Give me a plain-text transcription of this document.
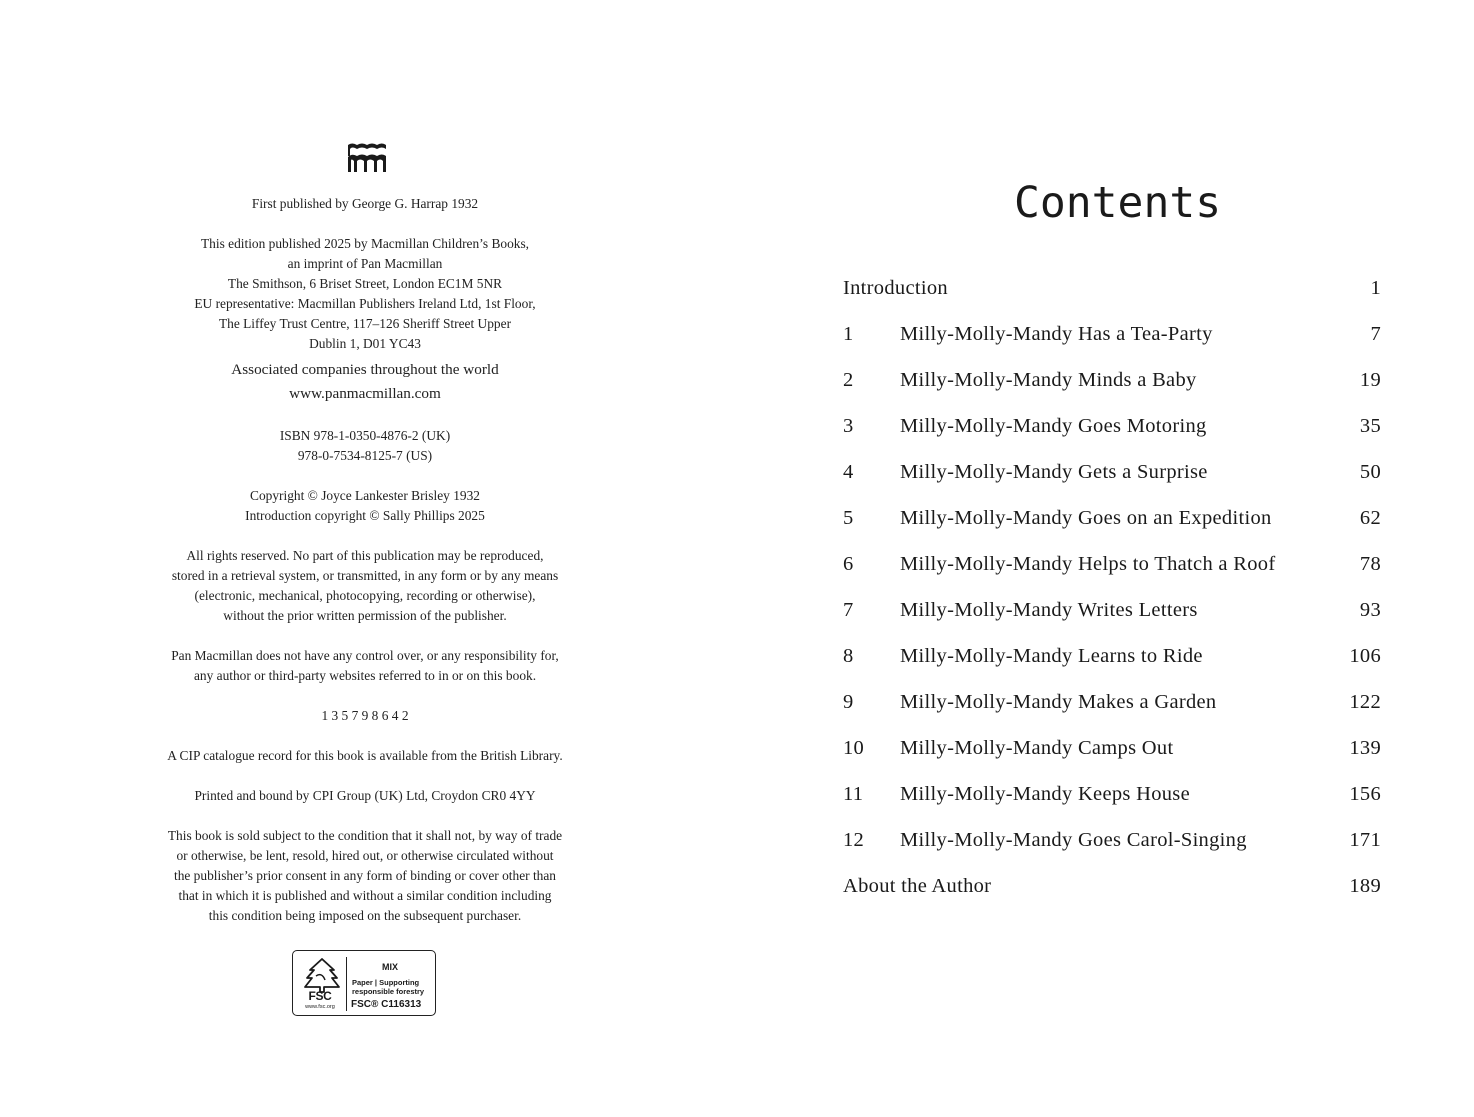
First published by George G. Harrap 1932
This edition published 2025 by Macmillan Children’s Books,
an imprint of Pan Macmillan
The Smithson, 6 Briset Street, London EC1M 5NR
EU representative: Macmillan Publishers Ireland Ltd, 1st Floor,
The Liffey Trust Centre, 117–126 Sheriff Street Upper
Dublin 1, D01 YC43
Associated companies throughout the world
www.panmacmillan.com
ISBN 978-1-0350-4876-2 (UK)
978-0-7534-8125-7 (US)
Copyright © Joyce Lankester Brisley 1932
Introduction copyright © Sally Phillips 2025
All rights reserved. No part of this publication may be reproduced,
stored in a retrieval system, or transmitted, in any form or by any means
(electronic, mechanical, photocopying, recording or otherwise),
without the prior written permission of the publisher.
Pan Macmillan does not have any control over, or any responsibility for,
any author or third-party websites referred to in or on this book.
1 3 5 7 9 8 6 4 2
A CIP catalogue record for this book is available from the British Library.
Printed and bound by CPI Group (UK) Ltd, Croydon CR0 4YY
This book is sold subject to the condition that it shall not, by way of trade
or otherwise, be lent, resold, hired out, or otherwise circulated without
the publisher’s prior consent in any form of binding or cover other than
that in which it is published and without a similar condition including
this condition being imposed on the subsequent purchaser.
FSC
www.fsc.org
MIX
Paper | Supporting
responsible forestry
FSC® C116313
Contents
Introduction	1
1 Milly-Molly-Mandy Has a Tea-Party	7
2 Milly-Molly-Mandy Minds a Baby	19
3 Milly-Molly-Mandy Goes Motoring	35
4 Milly-Molly-Mandy Gets a Surprise	50
5 Milly-Molly-Mandy Goes on an Expedition	62
6 Milly-Molly-Mandy Helps to Thatch a Roof	78
7 Milly-Molly-Mandy Writes Letters	93
8 Milly-Molly-Mandy Learns to Ride	106
9 Milly-Molly-Mandy Makes a Garden	122
10 Milly-Molly-Mandy Camps Out	139
11 Milly-Molly-Mandy Keeps House	156
12 Milly-Molly-Mandy Goes Carol-Singing	171
About the Author	189
